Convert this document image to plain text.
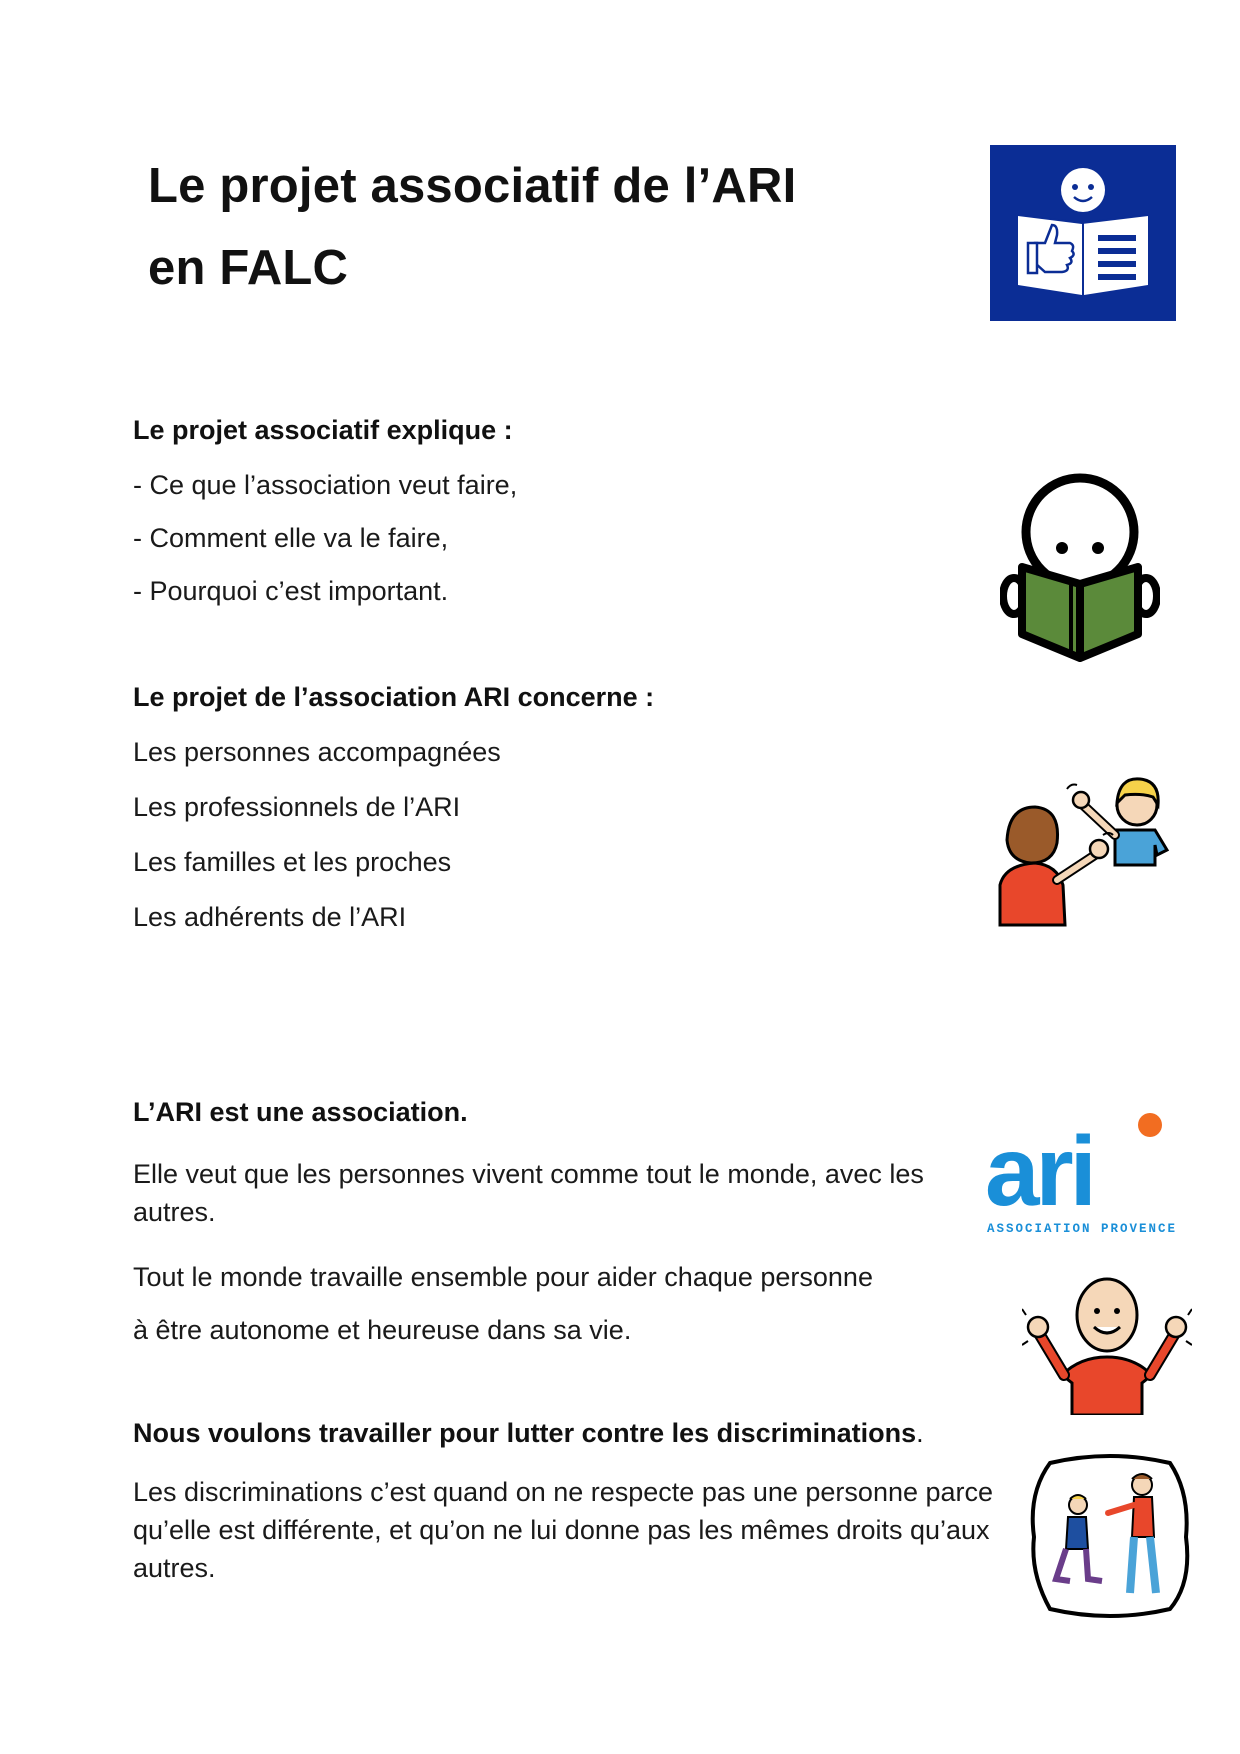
Le projet associatif de l’ARI
en FALC
Le projet associatif explique :
- Ce que l’association veut faire,
- Comment elle va le faire,
- Pourquoi c’est important.
Le projet de l’association ARI concerne :
Les personnes accompagnées
Les professionnels de l’ARI
Les familles et les proches
Les adhérents de l’ARI
L’ARI est une association.
Elle veut que les personnes vivent comme tout le monde, avec les autres.
Tout le monde travaille ensemble pour aider chaque personne
à être autonome et heureuse dans sa vie.
ari
ASSOCIATION PROVENCE
Nous voulons travailler pour lutter contre les discriminations.
Les discriminations c’est quand on ne respecte pas une personne parce qu’elle est différente, et qu’on ne lui donne pas les mêmes droits qu’aux autres.
